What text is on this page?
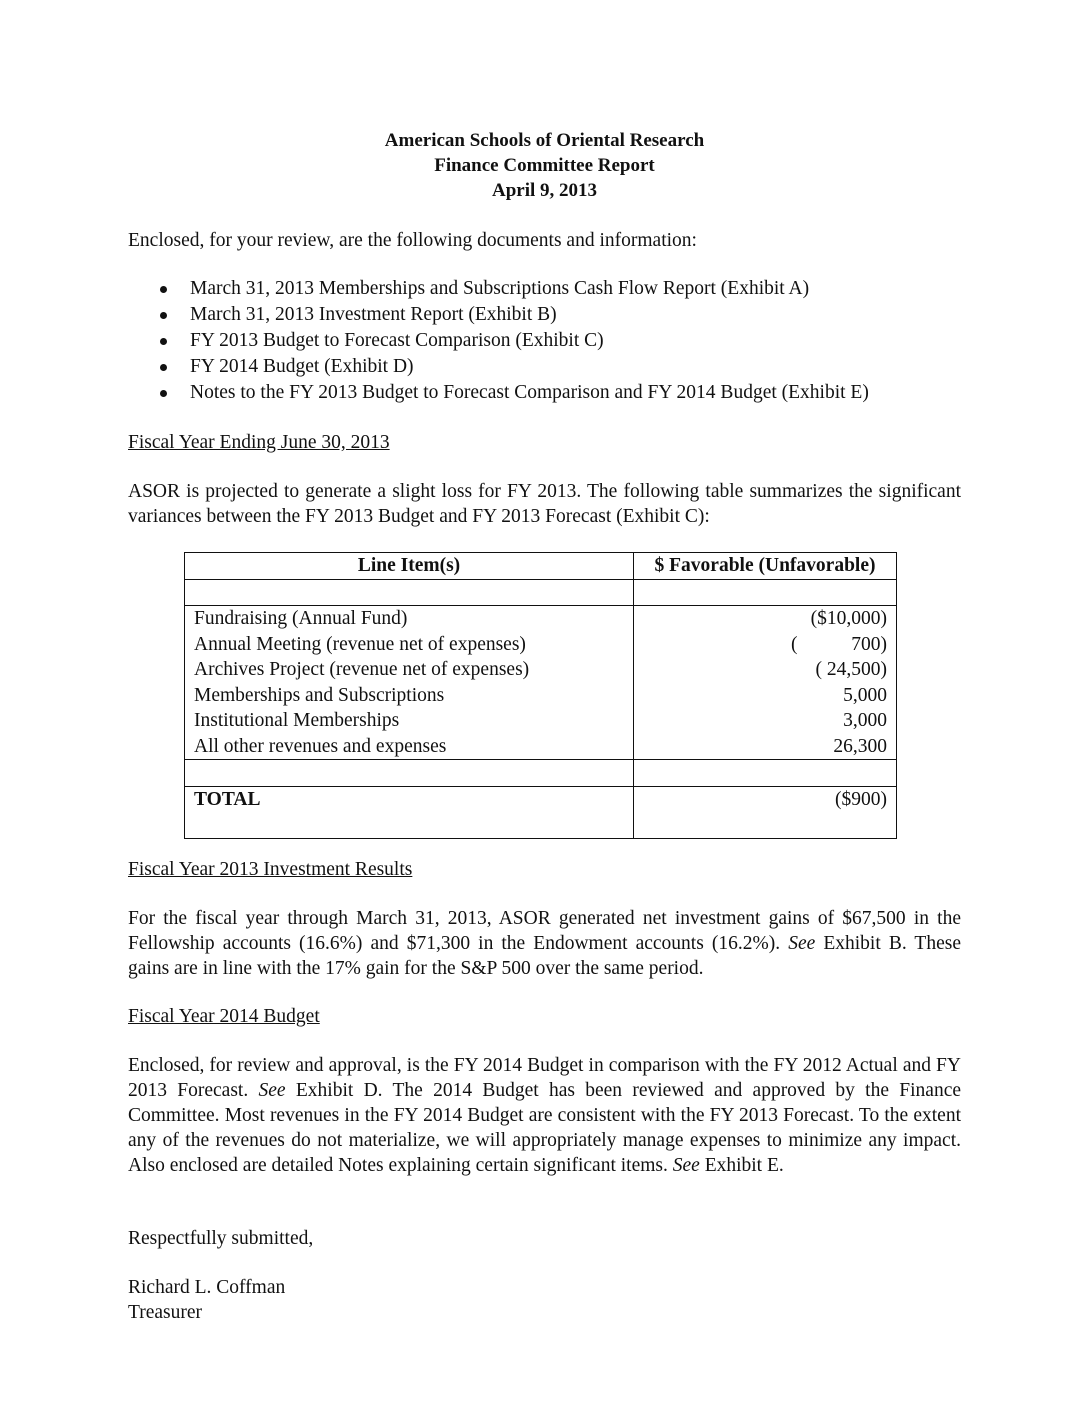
American Schools of Oriental Research
Finance Committee Report
April 9, 2013

Enclosed, for your review, are the following documents and information:

March 31, 2013 Memberships and Subscriptions Cash Flow Report (Exhibit A)
March 31, 2013 Investment Report (Exhibit B)
FY 2013 Budget to Forecast Comparison (Exhibit C)
FY 2014 Budget (Exhibit D)
Notes to the FY 2013 Budget to Forecast Comparison and FY 2014 Budget (Exhibit E)

Fiscal Year Ending June 30, 2013

ASOR is projected to generate a slight loss for FY 2013. The following table summarizes the significant variances between the FY 2013 Budget and FY 2013 Forecast (Exhibit C):

Line Item(s)	$ Favorable (Unfavorable)

Fundraising (Annual Fund)	($10,000)
Annual Meeting (revenue net of expenses)	( 700)
Archives Project (revenue net of expenses)	( 24,500)
Memberships and Subscriptions	5,000
Institutional Memberships	3,000
All other revenues and expenses	26,300

TOTAL	($900)

Fiscal Year 2013 Investment Results

For the fiscal year through March 31, 2013, ASOR generated net investment gains of $67,500 in the Fellowship accounts (16.6%) and $71,300 in the Endowment accounts (16.2%). See Exhibit B. These gains are in line with the 17% gain for the S&P 500 over the same period.

Fiscal Year 2014 Budget

Enclosed, for review and approval, is the FY 2014 Budget in comparison with the FY 2012 Actual and FY 2013 Forecast. See Exhibit D. The 2014 Budget has been reviewed and approved by the Finance Committee. Most revenues in the FY 2014 Budget are consistent with the FY 2013 Forecast. To the extent any of the revenues do not materialize, we will appropriately manage expenses to minimize any impact. Also enclosed are detailed Notes explaining certain significant items. See Exhibit E.

Respectfully submitted,

Richard L. Coffman

Treasurer
